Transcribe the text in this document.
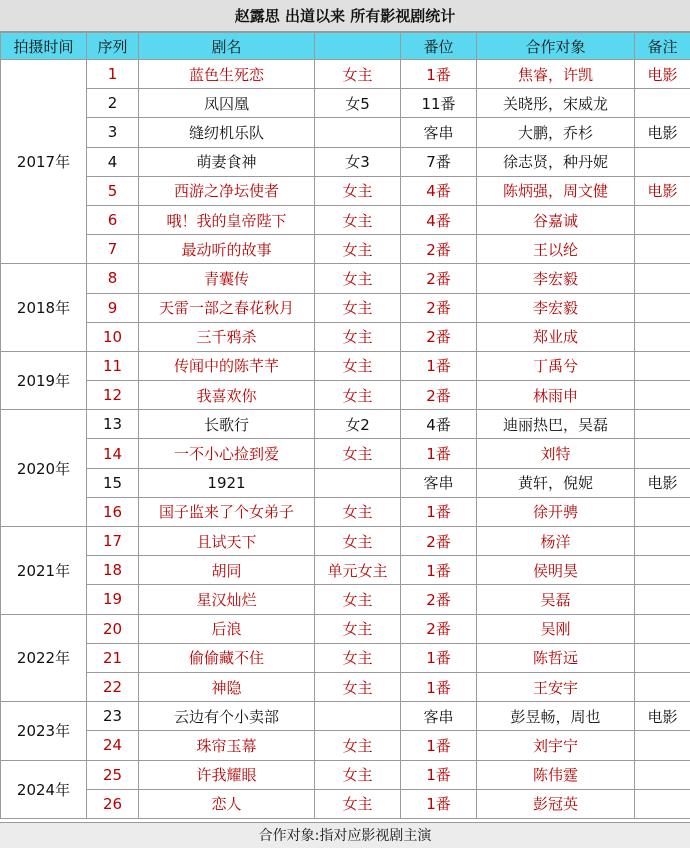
赵露思 出道以来 所有影视剧统计
拍摄时间	序列	剧名		番位	合作对象	备注
2017年	1	蓝色生死恋	女主	1番	焦睿，许凯	电影
	2	凤囚凰	女5	11番	关晓彤，宋威龙	
	3	缝纫机乐队		客串	大鹏，乔杉	电影
	4	萌妻食神	女3	7番	徐志贤，种丹妮	
	5	西游之净坛使者	女主	4番	陈炳强，周文健	电影
	6	哦！我的皇帝陛下	女主	4番	谷嘉诚	
	7	最动听的故事	女主	2番	王以纶	
2018年	8	青囊传	女主	2番	李宏毅	
	9	天雷一部之春花秋月	女主	2番	李宏毅	
	10	三千鸦杀	女主	2番	郑业成	
2019年	11	传闻中的陈芊芊	女主	1番	丁禹兮	
	12	我喜欢你	女主	2番	林雨申	
2020年	13	长歌行	女2	4番	迪丽热巴，吴磊	
	14	一不小心捡到爱	女主	1番	刘特	
	15	1921		客串	黄轩，倪妮	电影
	16	国子监来了个女弟子	女主	1番	徐开骋	
2021年	17	且试天下	女主	2番	杨洋	
	18	胡同	单元女主	1番	侯明昊	
	19	星汉灿烂	女主	2番	吴磊	
2022年	20	后浪	女主	2番	吴刚	
	21	偷偷藏不住	女主	1番	陈哲远	
	22	神隐	女主	1番	王安宇	
2023年	23	云边有个小卖部		客串	彭昱畅，周也	电影
	24	珠帘玉幕	女主	1番	刘宇宁	
2024年	25	许我耀眼	女主	1番	陈伟霆	
	26	恋人	女主	1番	彭冠英	
合作对象:指对应影视剧主演
